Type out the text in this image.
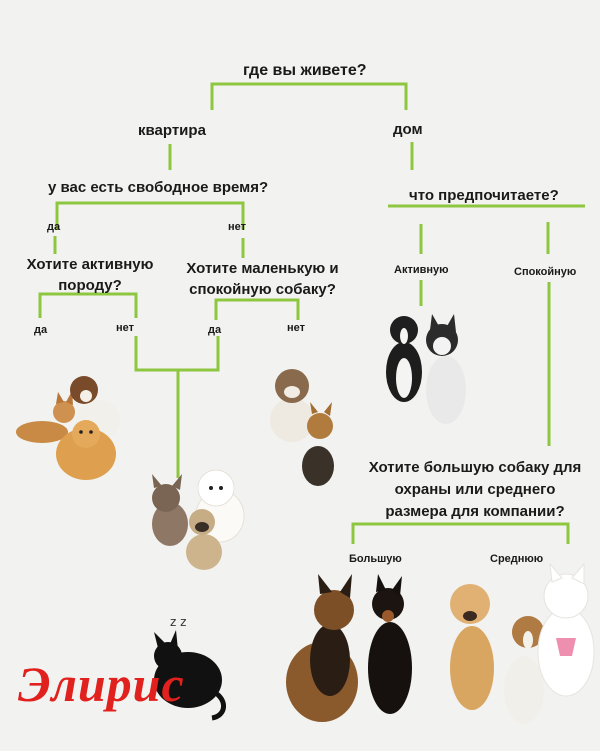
z z
где вы живете?
квартира	дом
у вас есть свободное время?
да	нет
Хотите активную
породу?
Хотите маленькую и
спокойную собаку?
да	нет	да	нет
что предпочитаете?
Активную	Спокойную
Хотите большую собаку для
охраны или среднего
размера для компании?
Большую	Среднюю
Элирис
